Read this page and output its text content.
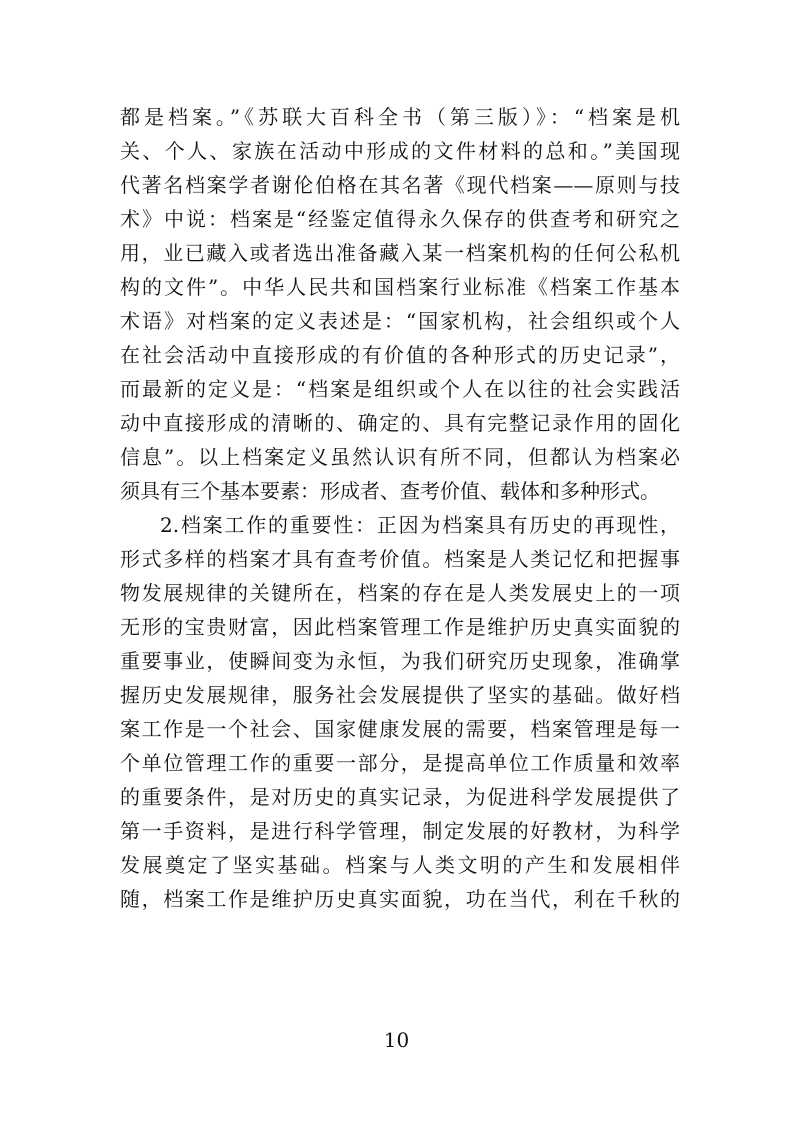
都是档案。”《苏联大百科全书（第三版）》：“档案是机
关、个人、家族在活动中形成的文件材料的总和。”美国现
代著名档案学者谢伦伯格在其名著《现代档案——原则与技
术》中说：档案是“经鉴定值得永久保存的供查考和研究之
用，业已藏入或者选出准备藏入某一档案机构的任何公私机
构的文件”。中华人民共和国档案行业标准《档案工作基本
术语》对档案的定义表述是：“国家机构，社会组织或个人
在社会活动中直接形成的有价值的各种形式的历史记录”，
而最新的定义是：“档案是组织或个人在以往的社会实践活
动中直接形成的清晰的、确定的、具有完整记录作用的固化
信息”。以上档案定义虽然认识有所不同，但都认为档案必
须具有三个基本要素：形成者、查考价值、载体和多种形式。
2.档案工作的重要性：正因为档案具有历史的再现性，
形式多样的档案才具有查考价值。档案是人类记忆和把握事
物发展规律的关键所在，档案的存在是人类发展史上的一项
无形的宝贵财富，因此档案管理工作是维护历史真实面貌的
重要事业，使瞬间变为永恒，为我们研究历史现象，准确掌
握历史发展规律，服务社会发展提供了坚实的基础。做好档
案工作是一个社会、国家健康发展的需要，档案管理是每一
个单位管理工作的重要一部分，是提高单位工作质量和效率
的重要条件，是对历史的真实记录，为促进科学发展提供了
第一手资料，是进行科学管理，制定发展的好教材，为科学
发展奠定了坚实基础。档案与人类文明的产生和发展相伴
随，档案工作是维护历史真实面貌，功在当代，利在千秋的
10
